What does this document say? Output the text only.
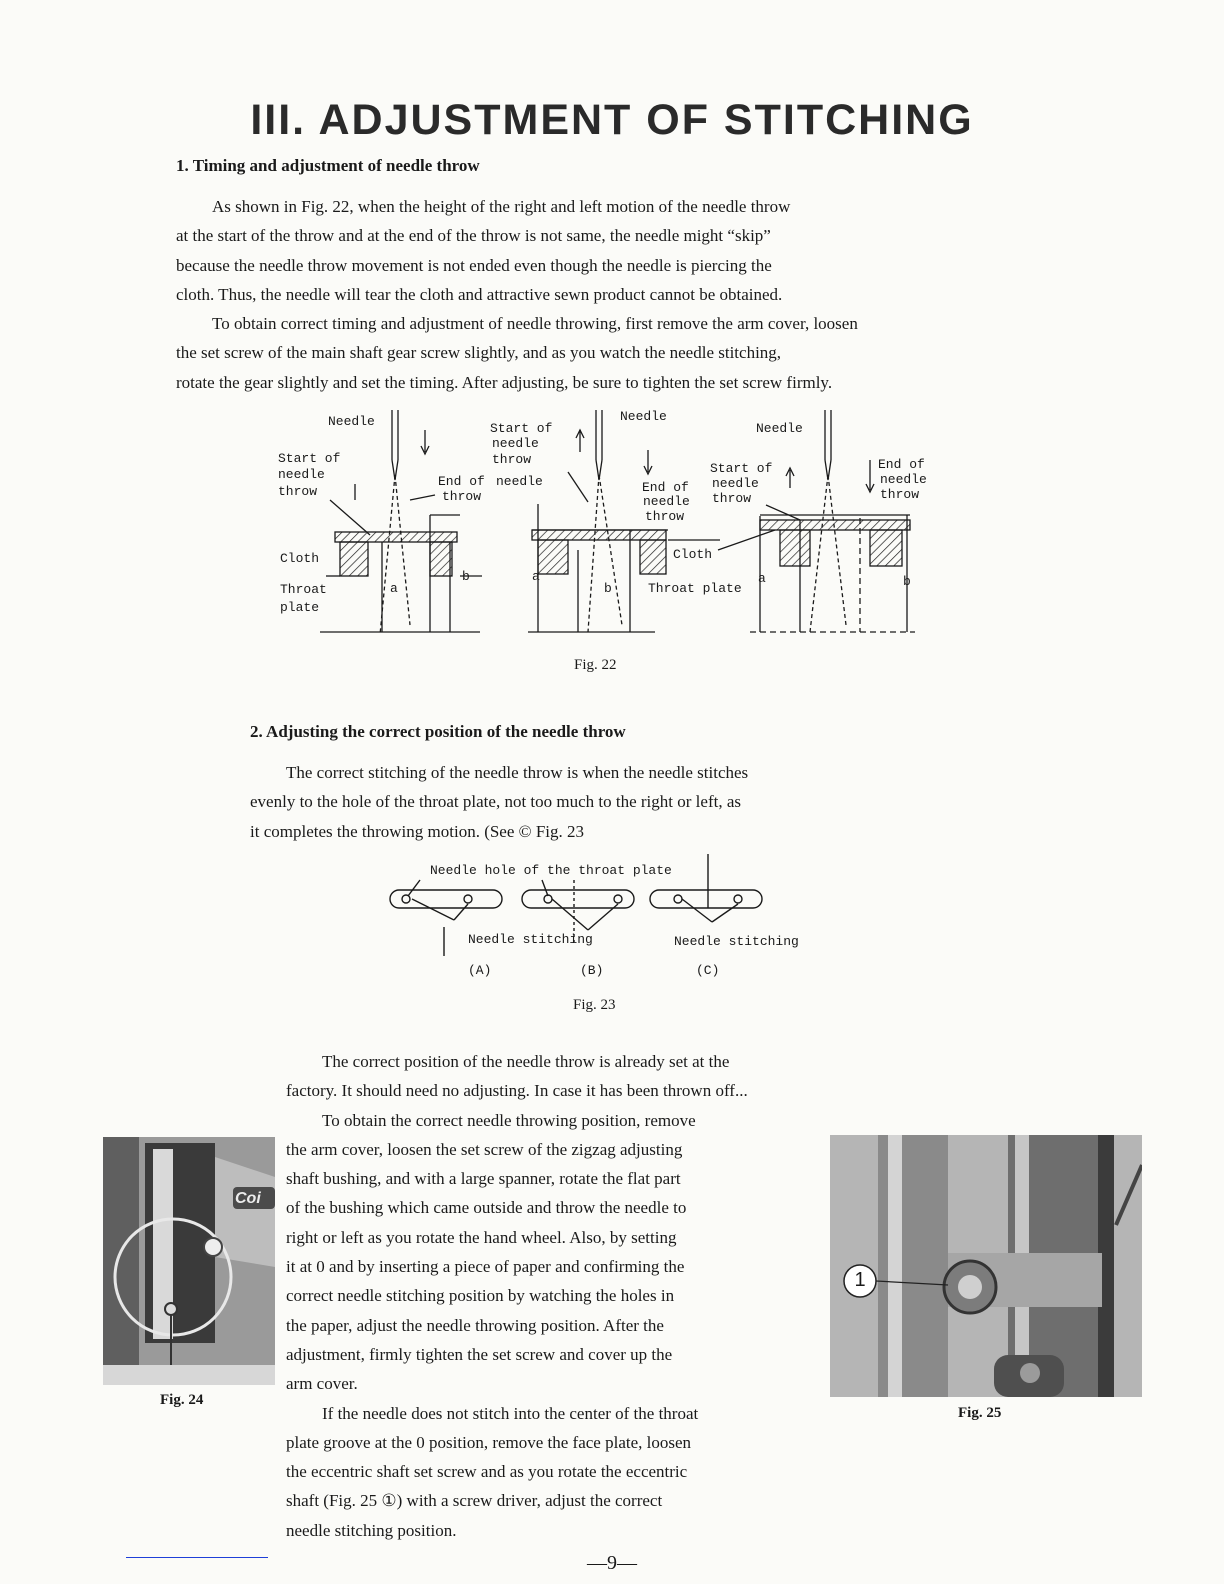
III. ADJUSTMENT OF STITCHING
1. Timing and adjustment of needle throw

As shown in Fig. 22, when the height of the right and left motion of the needle throw

at the start of the throw and at the end of the throw is not same, the needle might “skip”

because the needle throw movement is not ended even though the needle is piercing the

cloth. Thus, the needle will tear the cloth and attractive sewn product cannot be obtained.

To obtain correct timing and adjustment of needle throwing, first remove the arm cover, loosen

the set screw of the main shaft gear screw slightly, and as you watch the needle stitching,

rotate the gear slightly and set the timing. After adjusting, be sure to tighten the set screw firmly.

Needle
Start of
needle
throw
End of
throw
Cloth
Throat
plate
a
b
Start of
needle
throw
needle
Needle
End of
needle
throw
Cloth
a
b	Throat plate
Needle
Start of
needle
throw
End of
needle
throw
a	b
Fig. 22
2. Adjusting the correct position of the needle throw

The correct stitching of the needle throw is when the needle stitches

evenly to the hole of the throat plate, not too much to the right or left, as

it completes the throwing motion. (See © Fig. 23

Needle hole of the throat plate
Needle stitching	Needle stitching
(A)	(B)	(C)
Fig. 23

The correct position of the needle throw is already set at the

factory. It should need no adjusting. In case it has been thrown off...

To obtain the correct needle throwing position, remove

the arm cover, loosen the set screw of the zigzag adjusting

shaft bushing, and with a large spanner, rotate the flat part

of the bushing which came outside and throw the needle to

right or left as you rotate the hand wheel. Also, by setting

it at 0 and by inserting a piece of paper and confirming the

correct needle stitching position by watching the holes in

the paper, adjust the needle throwing position. After the

adjustment, firmly tighten the set screw and cover up the

arm cover.

If the needle does not stitch into the center of the throat

plate groove at the 0 position, remove the face plate, loosen

the eccentric shaft set screw and as you rotate the eccentric

shaft (Fig. 25 ①) with a screw driver, adjust the correct

needle stitching position.

Coi
Fig. 24
1
Fig. 25
—9—
